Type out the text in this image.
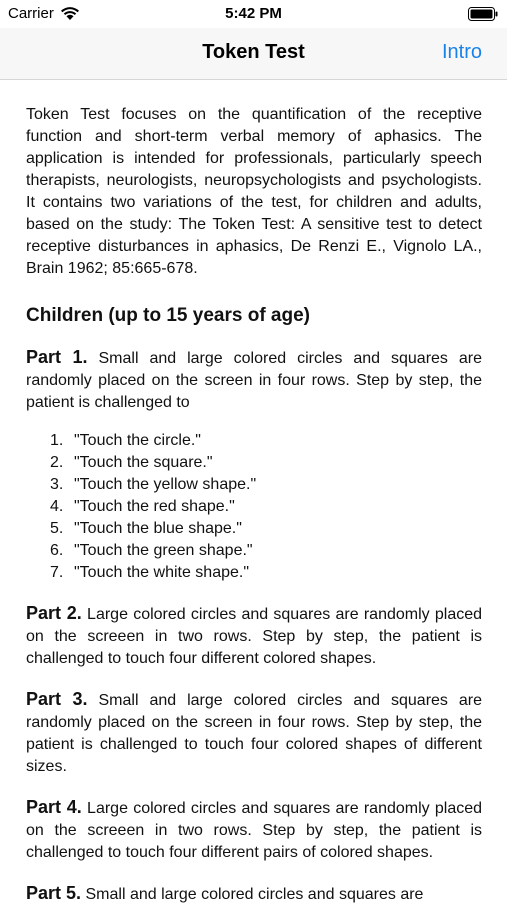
Carrier	5:42 PM
Token Test	Intro

Token Test focuses on the quantification of the receptive function and short-term verbal memory of aphasics. The application is intended for professionals, particularly speech therapists, neurologists, neuropsychologists and psychologists. It contains two variations of the test, for children and adults, based on the study: The Token Test: A sensitive test to detect receptive disturbances in aphasics, De Renzi E., Vignolo LA., Brain 1962; 85:665-678.

Children (up to 15 years of age)

Part 1. Small and large colored circles and squares are randomly placed on the screen in four rows. Step by step, the patient is challenged to

1. "Touch the circle."
2. "Touch the square."
3. "Touch the yellow shape."
4. "Touch the red shape."
5. "Touch the blue shape."
6. "Touch the green shape."
7. "Touch the white shape."

Part 2. Large colored circles and squares are randomly placed on the screeen in two rows. Step by step, the patient is challenged to touch four different colored shapes.

Part 3. Small and large colored circles and squares are randomly placed on the screen in four rows. Step by step, the patient is challenged to touch four colored shapes of different sizes.

Part 4. Large colored circles and squares are randomly placed on the screeen in two rows. Step by step, the patient is challenged to touch four different pairs of colored shapes.

Part 5. Small and large colored circles and squares are
